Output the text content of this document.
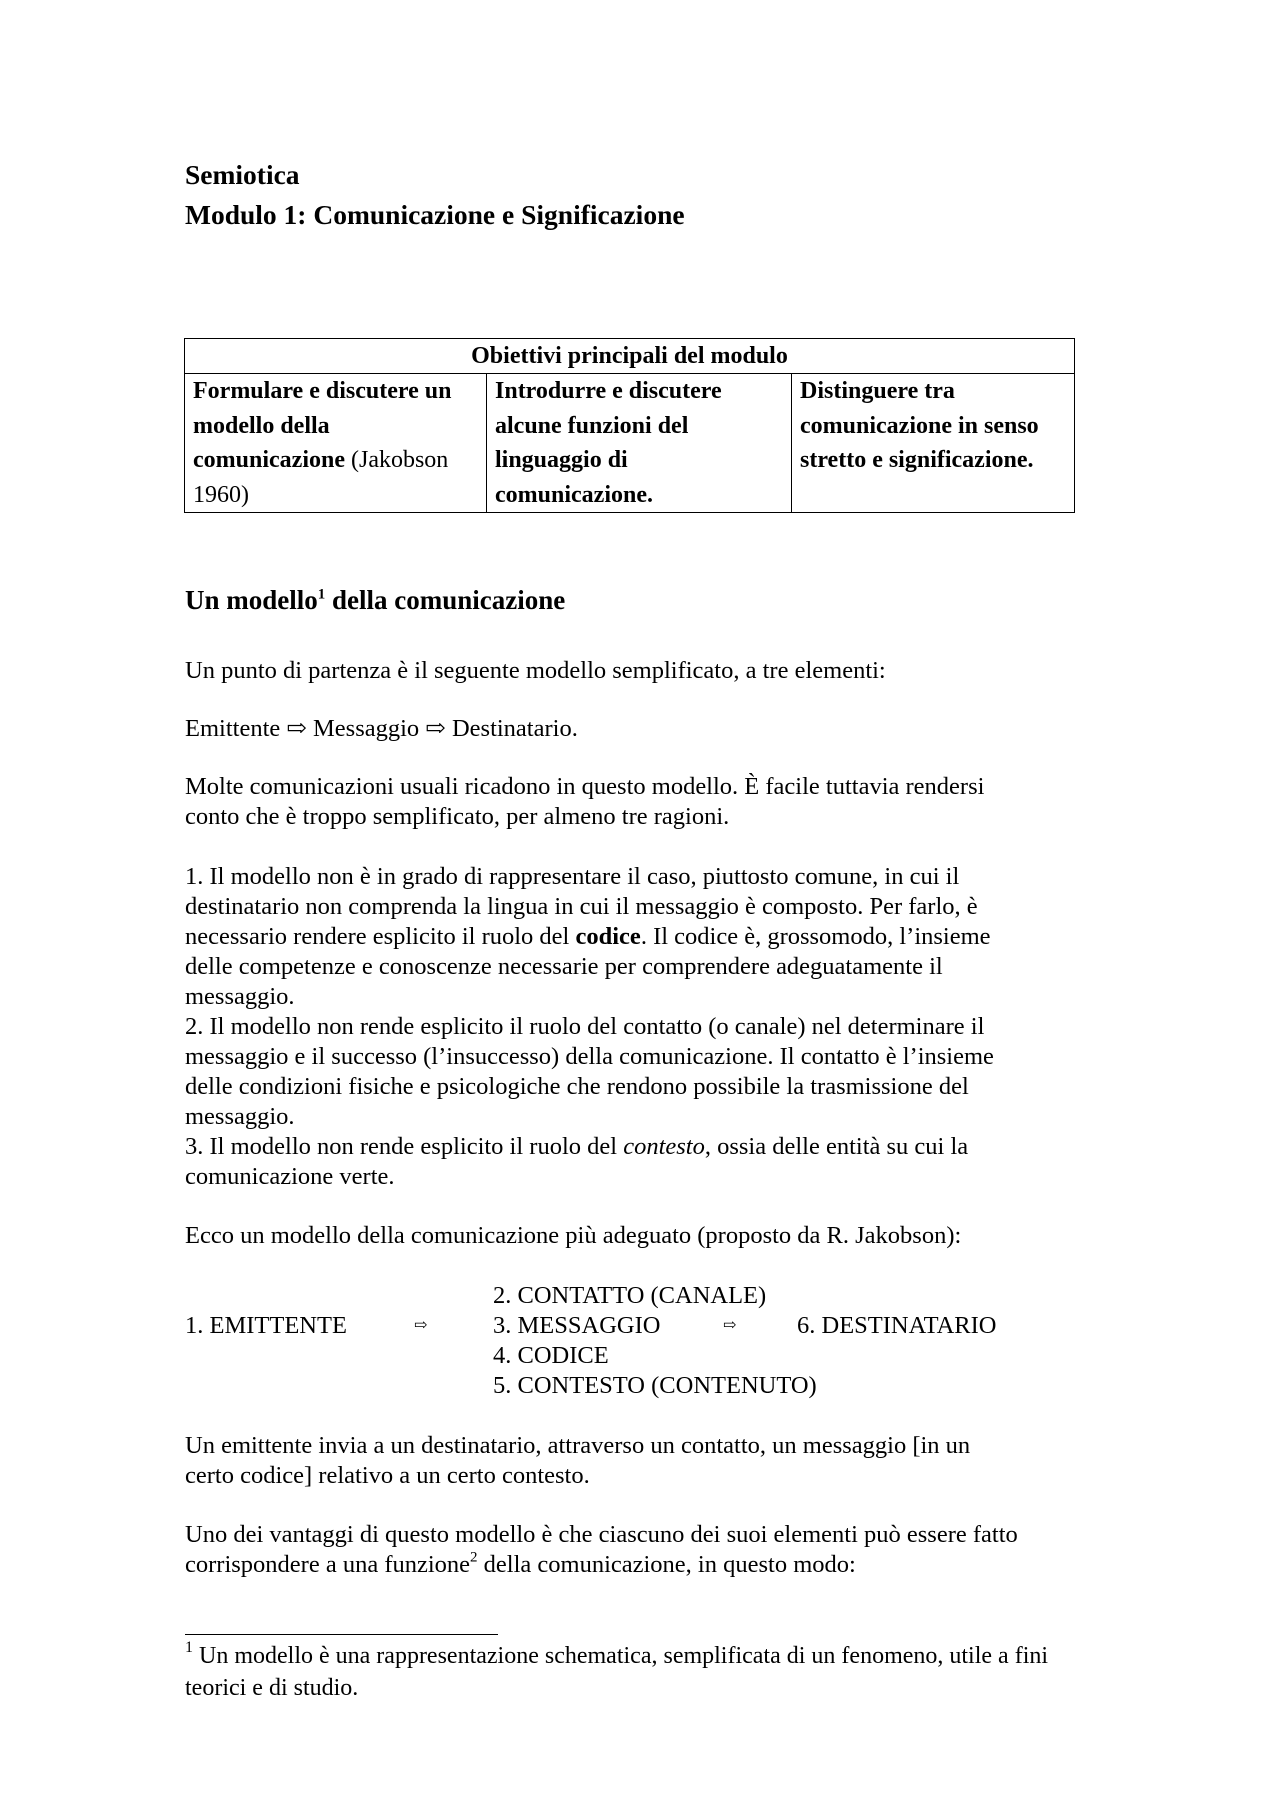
Semiotica
Modulo 1: Comunicazione e Significazione
Obiettivi principali del modulo
Formulare e discutere un modello della comunicazione (Jakobson 1960)	Introdurre e discutere alcune funzioni del linguaggio di comunicazione.	Distinguere tra comunicazione in senso stretto e significazione.
Un modello$^1$ della comunicazione
Un punto di partenza è il seguente modello semplificato, a tre elementi:
Emittente ⇨ Messaggio ⇨ Destinatario.
Molte comunicazioni usuali ricadono in questo modello. È facile tuttavia rendersi
conto che è troppo semplificato, per almeno tre ragioni.
1. Il modello non è in grado di rappresentare il caso, piuttosto comune, in cui il
destinatario non comprenda la lingua in cui il messaggio è composto. Per farlo, è
necessario rendere esplicito il ruolo del codice. Il codice è, grossomodo, l’insieme
delle competenze e conoscenze necessarie per comprendere adeguatamente il
messaggio.
2. Il modello non rende esplicito il ruolo del contatto (o canale) nel determinare il
messaggio e il successo (l’insuccesso) della comunicazione. Il contatto è l’insieme
delle condizioni fisiche e psicologiche che rendono possibile la trasmissione del
messaggio.
3. Il modello non rende esplicito il ruolo del contesto, ossia delle entità su cui la
comunicazione verte.
Ecco un modello della comunicazione più adeguato (proposto da R. Jakobson):
2. CONTATTO (CANALE)
1. EMITTENTE	⇨	3. MESSAGGIO	⇨ 6. DESTINATARIO
4. CODICE
5. CONTESTO (CONTENUTO)
Un emittente invia a un destinatario, attraverso un contatto, un messaggio [in un
certo codice] relativo a un certo contesto.
Uno dei vantaggi di questo modello è che ciascuno dei suoi elementi può essere fatto
corrispondere a una funzione$^2$ della comunicazione, in questo modo:
$^1$ Un modello è una rappresentazione schematica, semplificata di un fenomeno, utile a fini teorici e di studio.
